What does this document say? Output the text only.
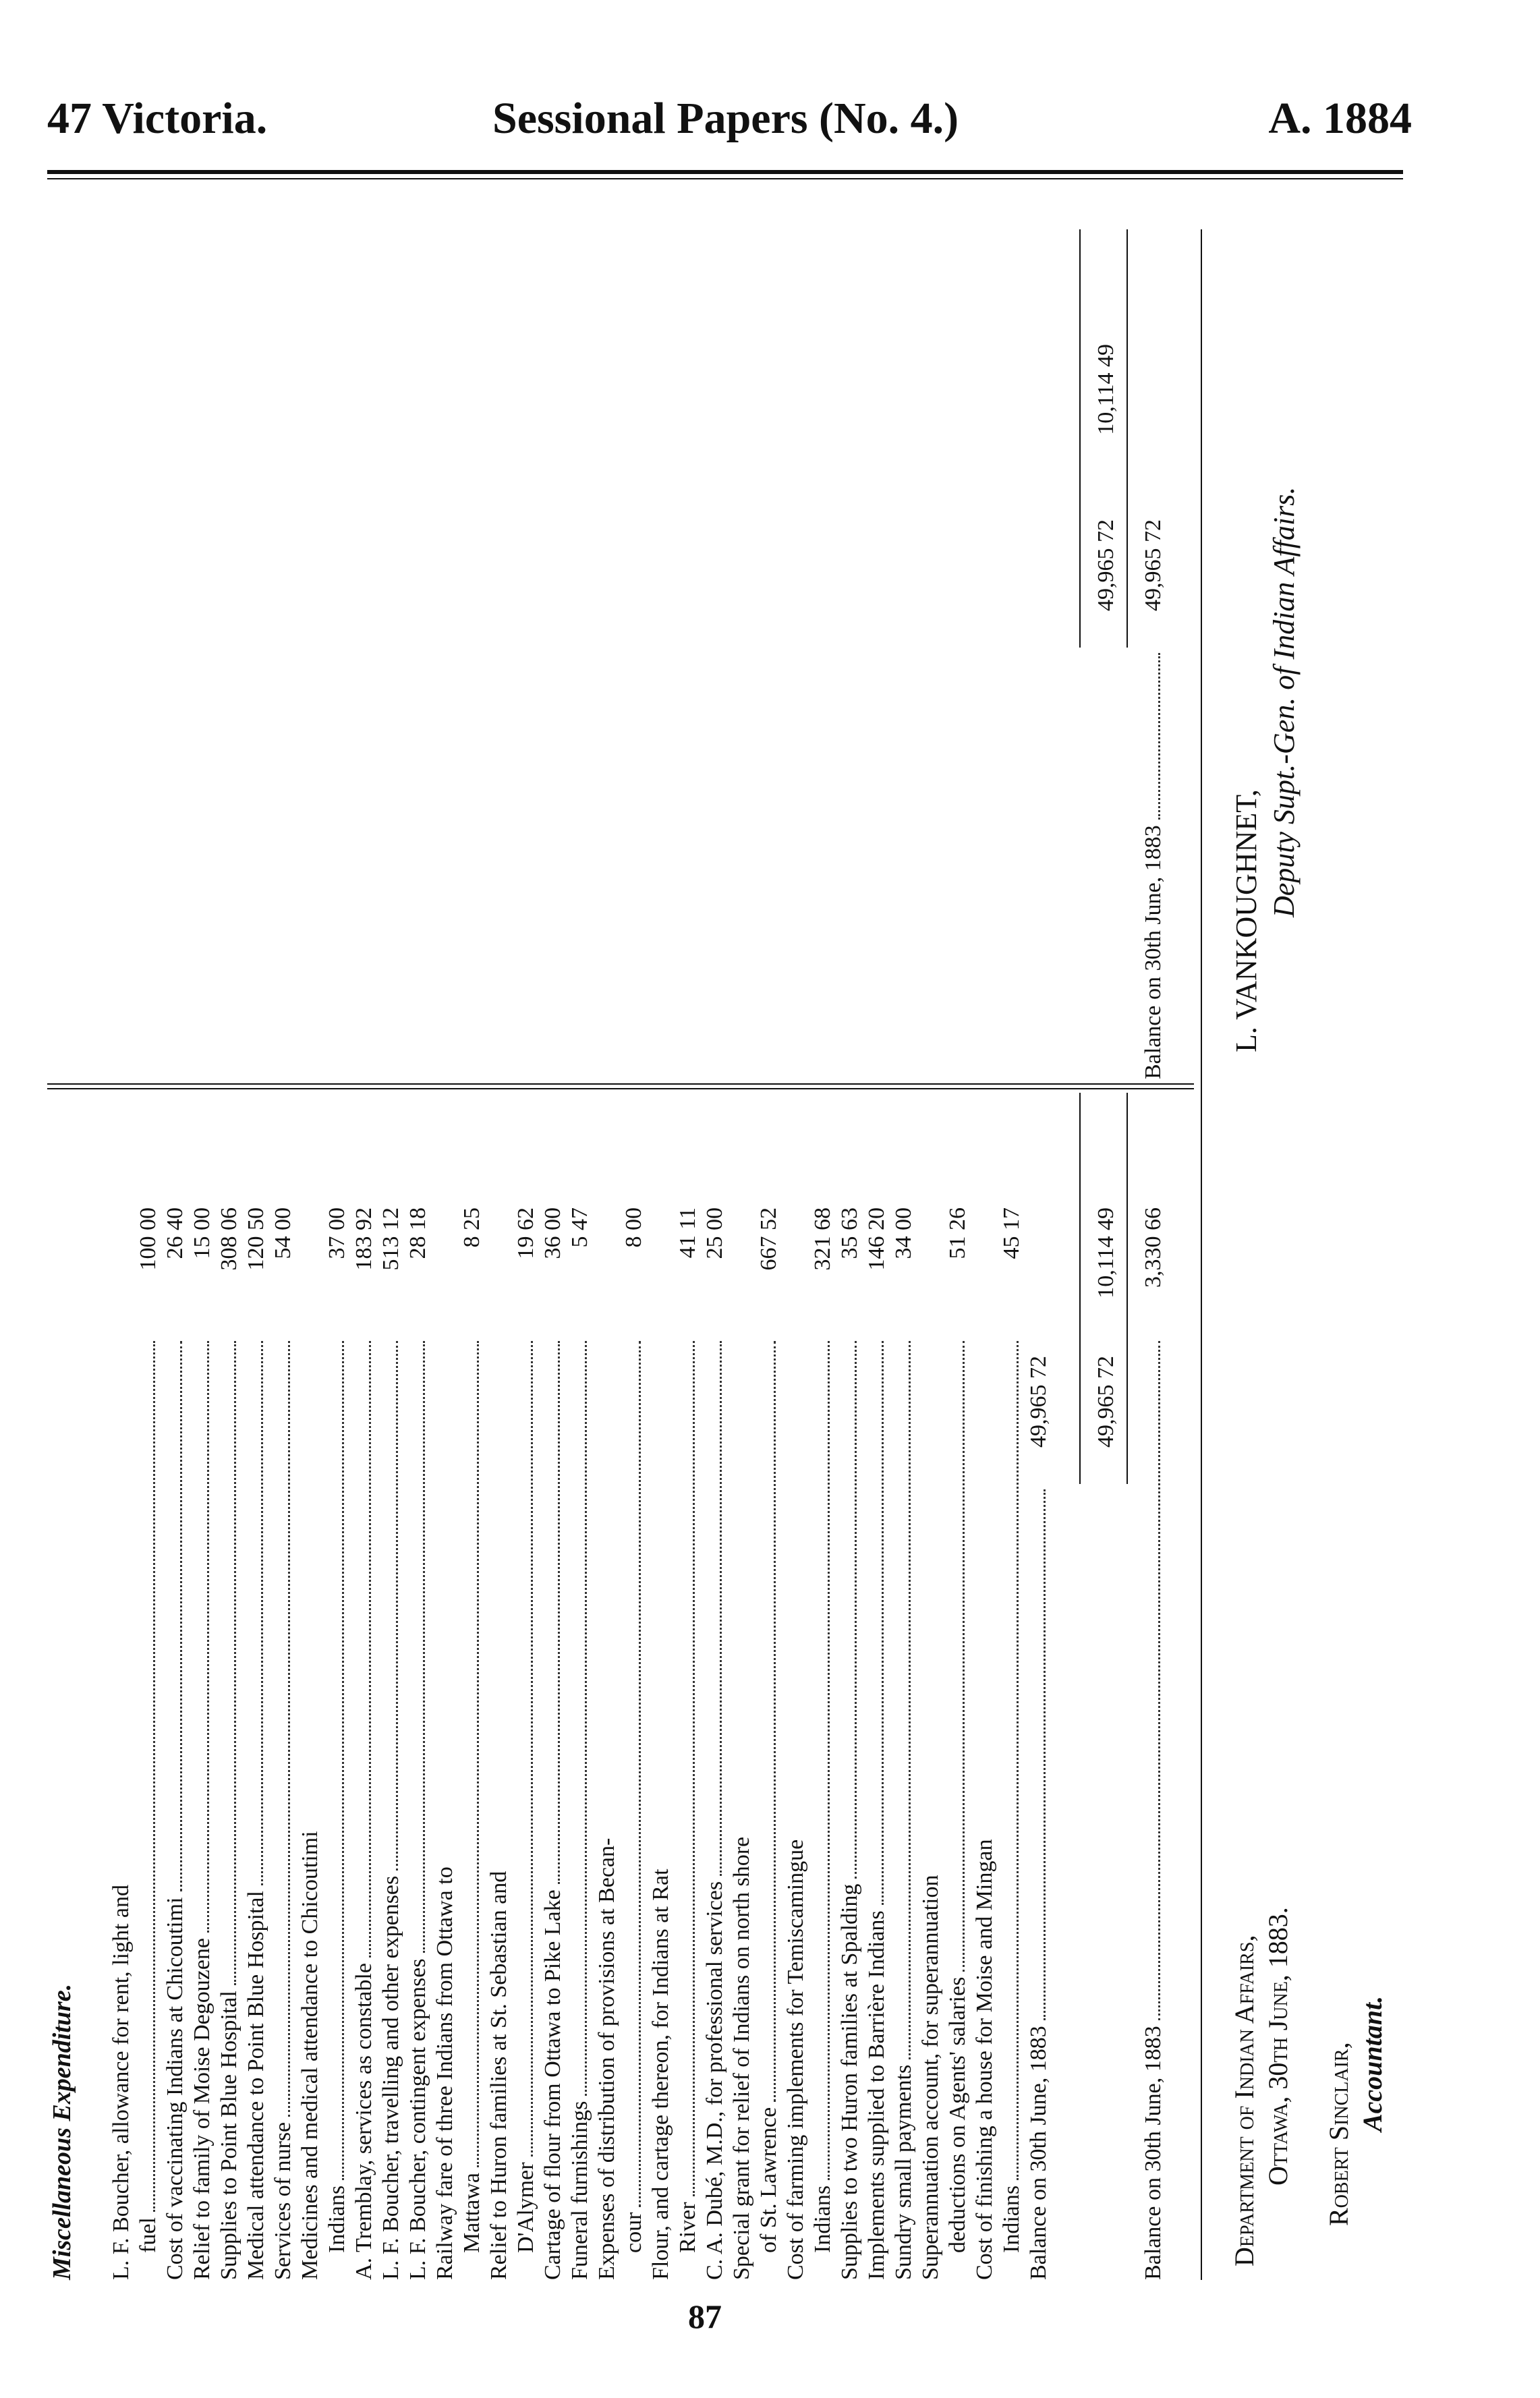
47 Victoria.	Sessional Papers (No. 4.)	A. 1884
Miscellaneous Expenditure. L. F. Boucher, allowance for rent, light and fuel
100 00
Cost of vaccinating Indians at Chicoutimi
26 40
Relief to family of Moise Degouzene
15 00
Supplies to Point Blue Hospital
308 06
Medical attendance to Point Blue Hospital
120 50
Services of nurse
54 00
Medicines and medical attendance to Chicoutimi Indians
37 00
A. Tremblay, services as constable
183 92
L. F. Boucher, travelling and other expenses
513 12
L. F. Boucher, contingent expenses
28 18
Railway fare of three Indians from Ottawa to Mattawa
8 25
Relief to Huron families at St. Sebastian and D'Alymer
19 62
Cartage of flour from Ottawa to Pike Lake
36 00
Funeral furnishings
5 47
Expenses of distribution of provisions at Becan- cour
8 00
Flour, and cartage thereon, for Indians at Rat River
41 11
C. A. Dubé, M.D., for professional services
25 00
Special grant for relief of Indians on north shore of St. Lawrence
667 52
Cost of farming implements for Temiscamingue Indians
321 68
Supplies to two Huron families at Spalding
35 63
Implements supplied to Barrière Indians
146 20
Sundry small payments
34 00
Superannuation account, for superannuation deductions on Agents' salaries
51 26
Cost of finishing a house for Moise and Mingan Indians
45 17
Balance on 30th June, 1883
49,965 72 49,965 72
10,114 49
Balance on 30th June, 1883
3,330 66
49,965 72
10,114 49
Balance on 30th June, 1883
49,965 72
Department of Indian Affairs, Ottawa, 30th June, 1883. Robert Sinclair, Accountant.
L. VANKOUGHNET,
Deputy Supt.-Gen. of Indian Affairs.
87
